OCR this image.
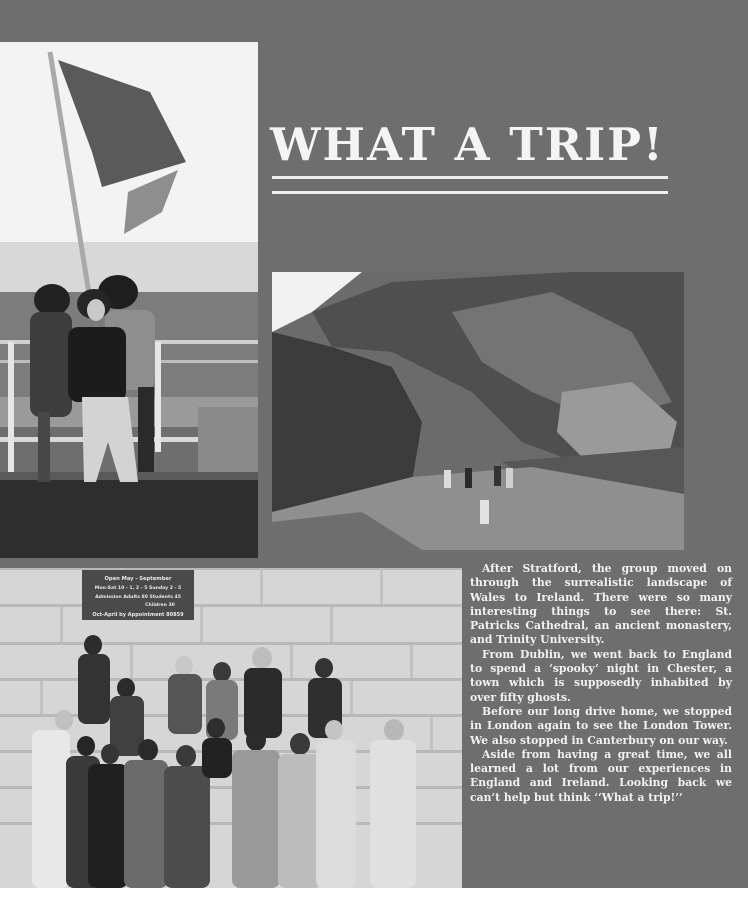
WHAT A TRIP!
Open May - September
Mon-Sat 10 - 1, 2 - 5 Sunday 2 - 5
Admission Adults 80 Students 45
Children 30
Oct-April by Appointment 80859

After Stratford, the group moved on through the surrealistic landscape of Wales to Ireland. There were so many interesting things to see there: St. Patricks Cathedral, an ancient monastery, and Trinity University.

From Dublin, we went back to England to spend a ‘spooky’ night in Chester, a town which is supposedly inhabited by over fifty ghosts.

Before our long drive home, we stopped in London again to see the London Tower. We also stopped in Canterbury on our way.

Aside from having a great time, we all learned a lot from our experiences in England and Ireland. Looking back we can’t help but think ‘‘What a trip!’’
